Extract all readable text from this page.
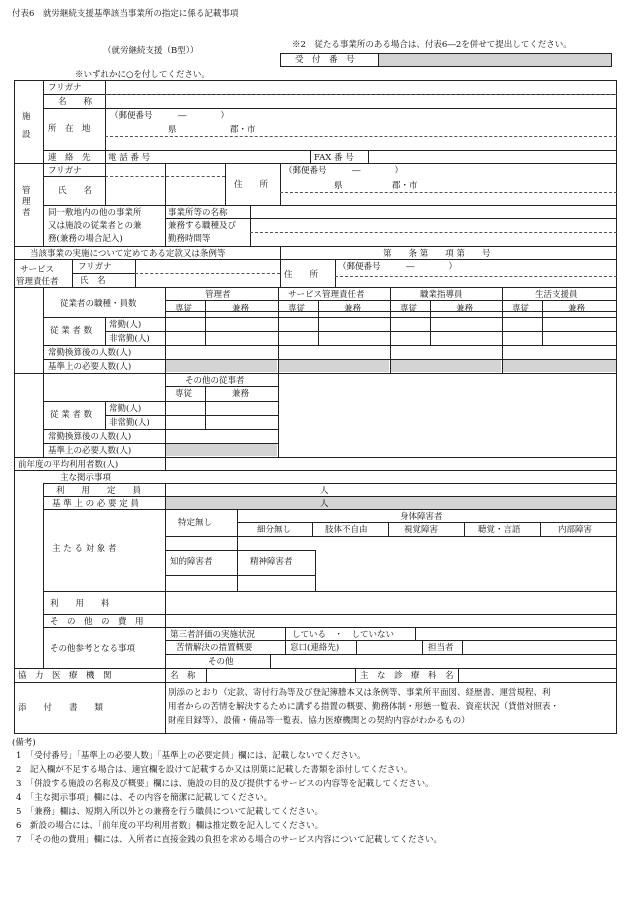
付表6　就労継続支援基準該当事業所の指定に係る記載事項
（就労継続支援（B型））
※2　従たる事業所のある場合は、付表6―2を併せて提出してください。
受　付　番　号
※いずれかに○を付してください。
施設
フリガナ
名　　称
所　在　地
（郵便番号　　　―　　　　）
県	郡・市
連　絡　先 電 話 番 号	FAX 番 号
管理者
フリガナ
氏　　名
住　　所
（郵便番号　　　―　　　　）
県	郡・市
同一敷地内の他の事業所
又は施設の従業者との兼
務(兼務の場合記入)
事業所等の名称
兼務する職種及び
勤務時間等
当該事業の実施について定めてある定款又は条例等	第　　条 第　　項 第　　号
サービス
管理責任者
フリガナ
氏　名
住　　所
（郵便番号　　　―　　　　）
従業者の職種・員数
管理者	サービス管理責任者	職業指導員	生活支援員
専従	兼務	専従	兼務	専従	兼務	専従	兼務
従 業 者 数
常勤(人)
非常勤(人)
常勤換算後の人数(人)
基準上の必要人数(人)
その他の従事者
専従	兼務
従 業 者 数
常勤(人)
非常勤(人)
常勤換算後の人数(人)
基準上の必要人数(人)
前年度の平均利用者数(人)
主な掲示事項
利　　用　　定　　員	人
基 準 上 の 必 要 定 員	人
主 た る 対 象 者
特定無し
身体障害者
細分無し	肢体不自由	視覚障害	聴覚・言語	内部障害
知的障害者	精神障害者
利　　用　　料
そ　の　他　の　費　用
その他参考となる事項
第三者評価の実施状況	している　・　していない
苦情解決の措置概要	窓口(連絡先)	担当者
その他
協　力　医　療　機　関	名　称	主　な　診　療　科　名
添　　付　　書　　類
別添のとおり（定款、寄付行為等及び登記簿謄本又は条例等、事業所平面図、経歴書、運営規程、利
用者からの苦情を解決するために講ずる措置の概要、勤務体制・形態一覧表、資産状況（貸借対照表・
財産目録等）、設備・備品等一覧表、協力医療機関との契約内容がわかるもの）
(備考)
1　「受付番号」「基準上の必要人数」「基準上の必要定員」欄には、記載しないでください。
2　記入欄が不足する場合は、適宜欄を設けて記載するか又は別葉に記載した書類を添付してください。
3　「併設する施設の名称及び概要」欄には、施設の目的及び提供するサービスの内容等を記載してください。
4　「主な掲示事項」欄には、その内容を簡潔に記載してください。
5　「兼務」欄は、短期入所以外との兼務を行う職員について記載してください。
6　新設の場合には、「前年度の平均利用者数」欄は推定数を記入してください。
7　「その他の費用」欄には、入所者に直接金銭の負担を求める場合のサービス内容について記載してください。
